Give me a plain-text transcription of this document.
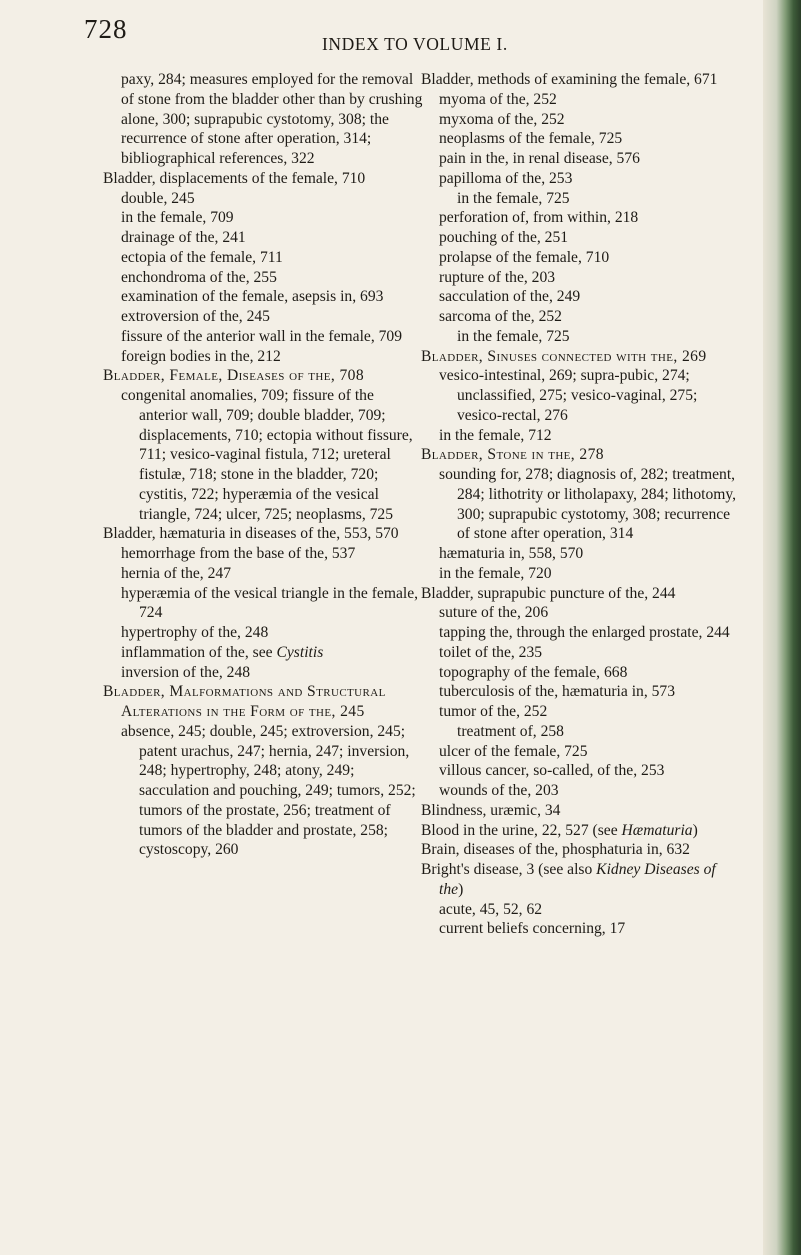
728	INDEX TO VOLUME I.

paxy, 284; measures employed for the removal of stone from the bladder other than by crushing alone, 300; suprapubic cystotomy, 308; the recurrence of stone after operation, 314; bibliographical references, 322

Bladder, displacements of the female, 710

double, 245

in the female, 709

drainage of the, 241

ectopia of the female, 711

enchondroma of the, 255

examination of the female, asepsis in, 693

extroversion of the, 245

fissure of the anterior wall in the female, 709

foreign bodies in the, 212

Bladder, Female, Diseases of the, 708

congenital anomalies, 709; fissure of the anterior wall, 709; double bladder, 709; displacements, 710; ectopia without fissure, 711; vesico-vaginal fistula, 712; ureteral fistulæ, 718; stone in the bladder, 720; cystitis, 722; hyperæmia of the vesical triangle, 724; ulcer, 725; neoplasms, 725

Bladder, hæmaturia in diseases of the, 553, 570

hemorrhage from the base of the, 537

hernia of the, 247

hyperæmia of the vesical triangle in the female, 724

hypertrophy of the, 248

inflammation of the, see Cystitis

inversion of the, 248

Bladder, Malformations and Structural Alterations in the Form of the, 245

absence, 245; double, 245; extroversion, 245; patent urachus, 247; hernia, 247; inversion, 248; hypertrophy, 248; atony, 249; sacculation and pouching, 249; tumors, 252; tumors of the prostate, 256; treatment of tumors of the bladder and prostate, 258; cystoscopy, 260

Bladder, methods of examining the female, 671

myoma of the, 252

myxoma of the, 252

neoplasms of the female, 725

pain in the, in renal disease, 576

papilloma of the, 253

in the female, 725

perforation of, from within, 218

pouching of the, 251

prolapse of the female, 710

rupture of the, 203

sacculation of the, 249

sarcoma of the, 252

in the female, 725

Bladder, Sinuses connected with the, 269

vesico-intestinal, 269; supra-pubic, 274; unclassified, 275; vesico-vaginal, 275; vesico-rectal, 276

in the female, 712

Bladder, Stone in the, 278

sounding for, 278; diagnosis of, 282; treatment, 284; lithotrity or litholapaxy, 284; lithotomy, 300; suprapubic cystotomy, 308; recurrence of stone after operation, 314

hæmaturia in, 558, 570

in the female, 720

Bladder, suprapubic puncture of the, 244

suture of the, 206

tapping the, through the enlarged prostate, 244

toilet of the, 235

topography of the female, 668

tuberculosis of the, hæmaturia in, 573

tumor of the, 252

treatment of, 258

ulcer of the female, 725

villous cancer, so-called, of the, 253

wounds of the, 203

Blindness, uræmic, 34

Blood in the urine, 22, 527 (see Hæmaturia)

Brain, diseases of the, phosphaturia in, 632

Bright's disease, 3 (see also Kidney Diseases of the)

acute, 45, 52, 62

current beliefs concerning, 17
